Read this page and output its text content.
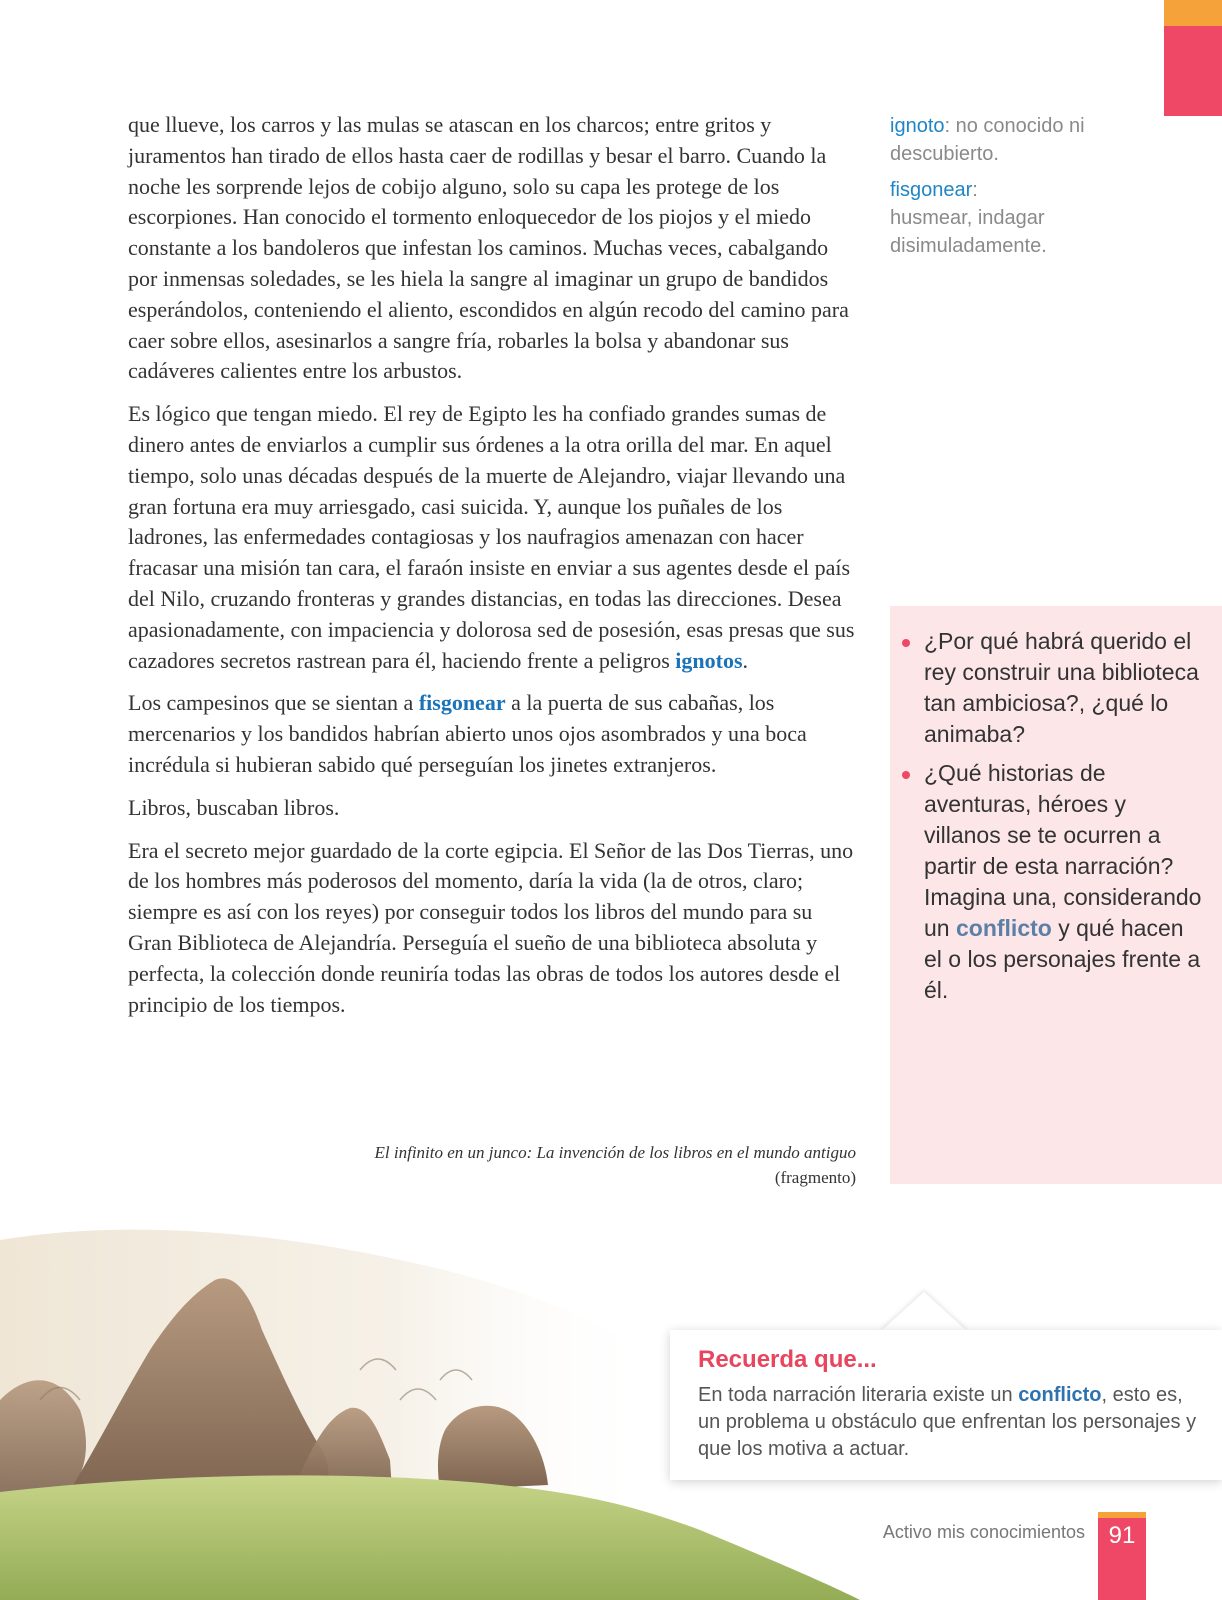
que llueve, los carros y las mulas se atascan en los charcos; entre gritos y juramentos han tirado de ellos hasta caer de rodillas y besar el barro. Cuando la noche les sorprende lejos de cobijo alguno, solo su capa les protege de los escorpiones. Han conocido el tormento enloquecedor de los piojos y el miedo constante a los bandoleros que infestan los caminos. Muchas veces, cabalgando por inmensas soledades, se les hiela la sangre al imaginar un grupo de bandidos esperándolos, conteniendo el aliento, escondidos en algún recodo del camino para caer sobre ellos, asesinarlos a sangre fría, robarles la bolsa y abandonar sus cadáveres calientes entre los arbustos.

Es lógico que tengan miedo. El rey de Egipto les ha confiado grandes sumas de dinero antes de enviarlos a cumplir sus órdenes a la otra orilla del mar. En aquel tiempo, solo unas décadas después de la muerte de Alejandro, viajar llevando una gran fortuna era muy arriesgado, casi suicida. Y, aunque los puñales de los ladrones, las enfermedades contagiosas y los naufragios amenazan con hacer fracasar una misión tan cara, el faraón insiste en enviar a sus agentes desde el país del Nilo, cruzando fronteras y grandes distancias, en todas las direcciones. Desea apasionadamente, con impaciencia y dolorosa sed de posesión, esas presas que sus cazadores secretos rastrean para él, haciendo frente a peligros ignotos.

Los campesinos que se sientan a fisgonear a la puerta de sus cabañas, los mercenarios y los bandidos habrían abierto unos ojos asombrados y una boca incrédula si hubieran sabido qué perseguían los jinetes extranjeros.

Libros, buscaban libros.

Era el secreto mejor guardado de la corte egipcia. El Señor de las Dos Tierras, uno de los hombres más poderosos del momento, daría la vida (la de otros, claro; siempre es así con los reyes) por conseguir todos los libros del mundo para su Gran Biblioteca de Alejandría. Perseguía el sueño de una biblioteca absoluta y perfecta, la colección donde reuniría todas las obras de todos los autores desde el principio de los tiempos.

El infinito en un junco: La invención de los libros en el mundo antiguo
(fragmento)
ignoto: no conocido ni descubierto.
fisgonear:
husmear, indagar disimuladamente.
¿Por qué habrá querido el rey construir una biblioteca tan ambiciosa?, ¿qué lo animaba?
¿Qué historias de aventuras, héroes y villanos se te ocurren a partir de esta narración? Imagina una, considerando un conflicto y qué hacen el o los personajes frente a él.
Recuerda que...
En toda narración literaria existe un conflicto, esto es, un problema u obstáculo que enfrentan los personajes y que los motiva a actuar.
Activo mis conocimientos 91
